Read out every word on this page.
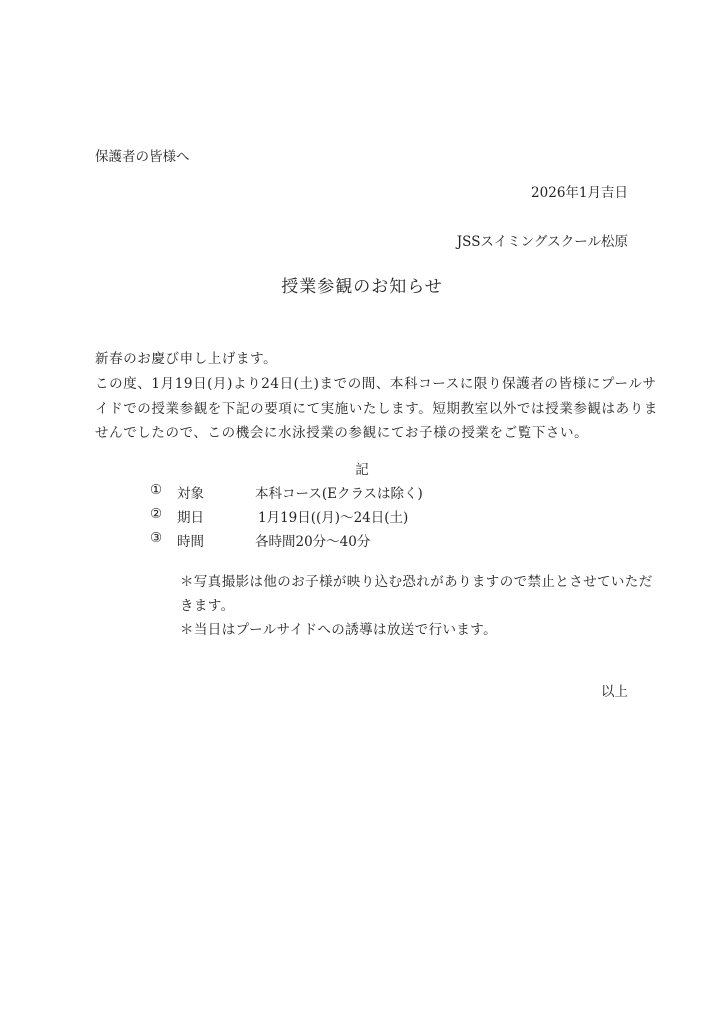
保護者の皆様へ
2026年1月吉日
JSSスイミングスクール松原
授業参観のお知らせ
新春のお慶び申し上げます。
この度、1月19日(月)より24日(土)までの間、本科コースに限り保護者の皆様にプールサ
イドでの授業参観を下記の要項にて実施いたします。短期教室以外では授業参観はありま
せんでしたので、この機会に水泳授業の参観にてお子様の授業をご覧下さい。
記
① 対象	本科コース(Eクラスは除く)
② 期日	1月19日((月)～24日(土)
③ 時間	各時間20分～40分
＊写真撮影は他のお子様が映り込む恐れがありますので禁止とさせていただ
きます。
＊当日はプールサイドへの誘導は放送で行います。
以上
